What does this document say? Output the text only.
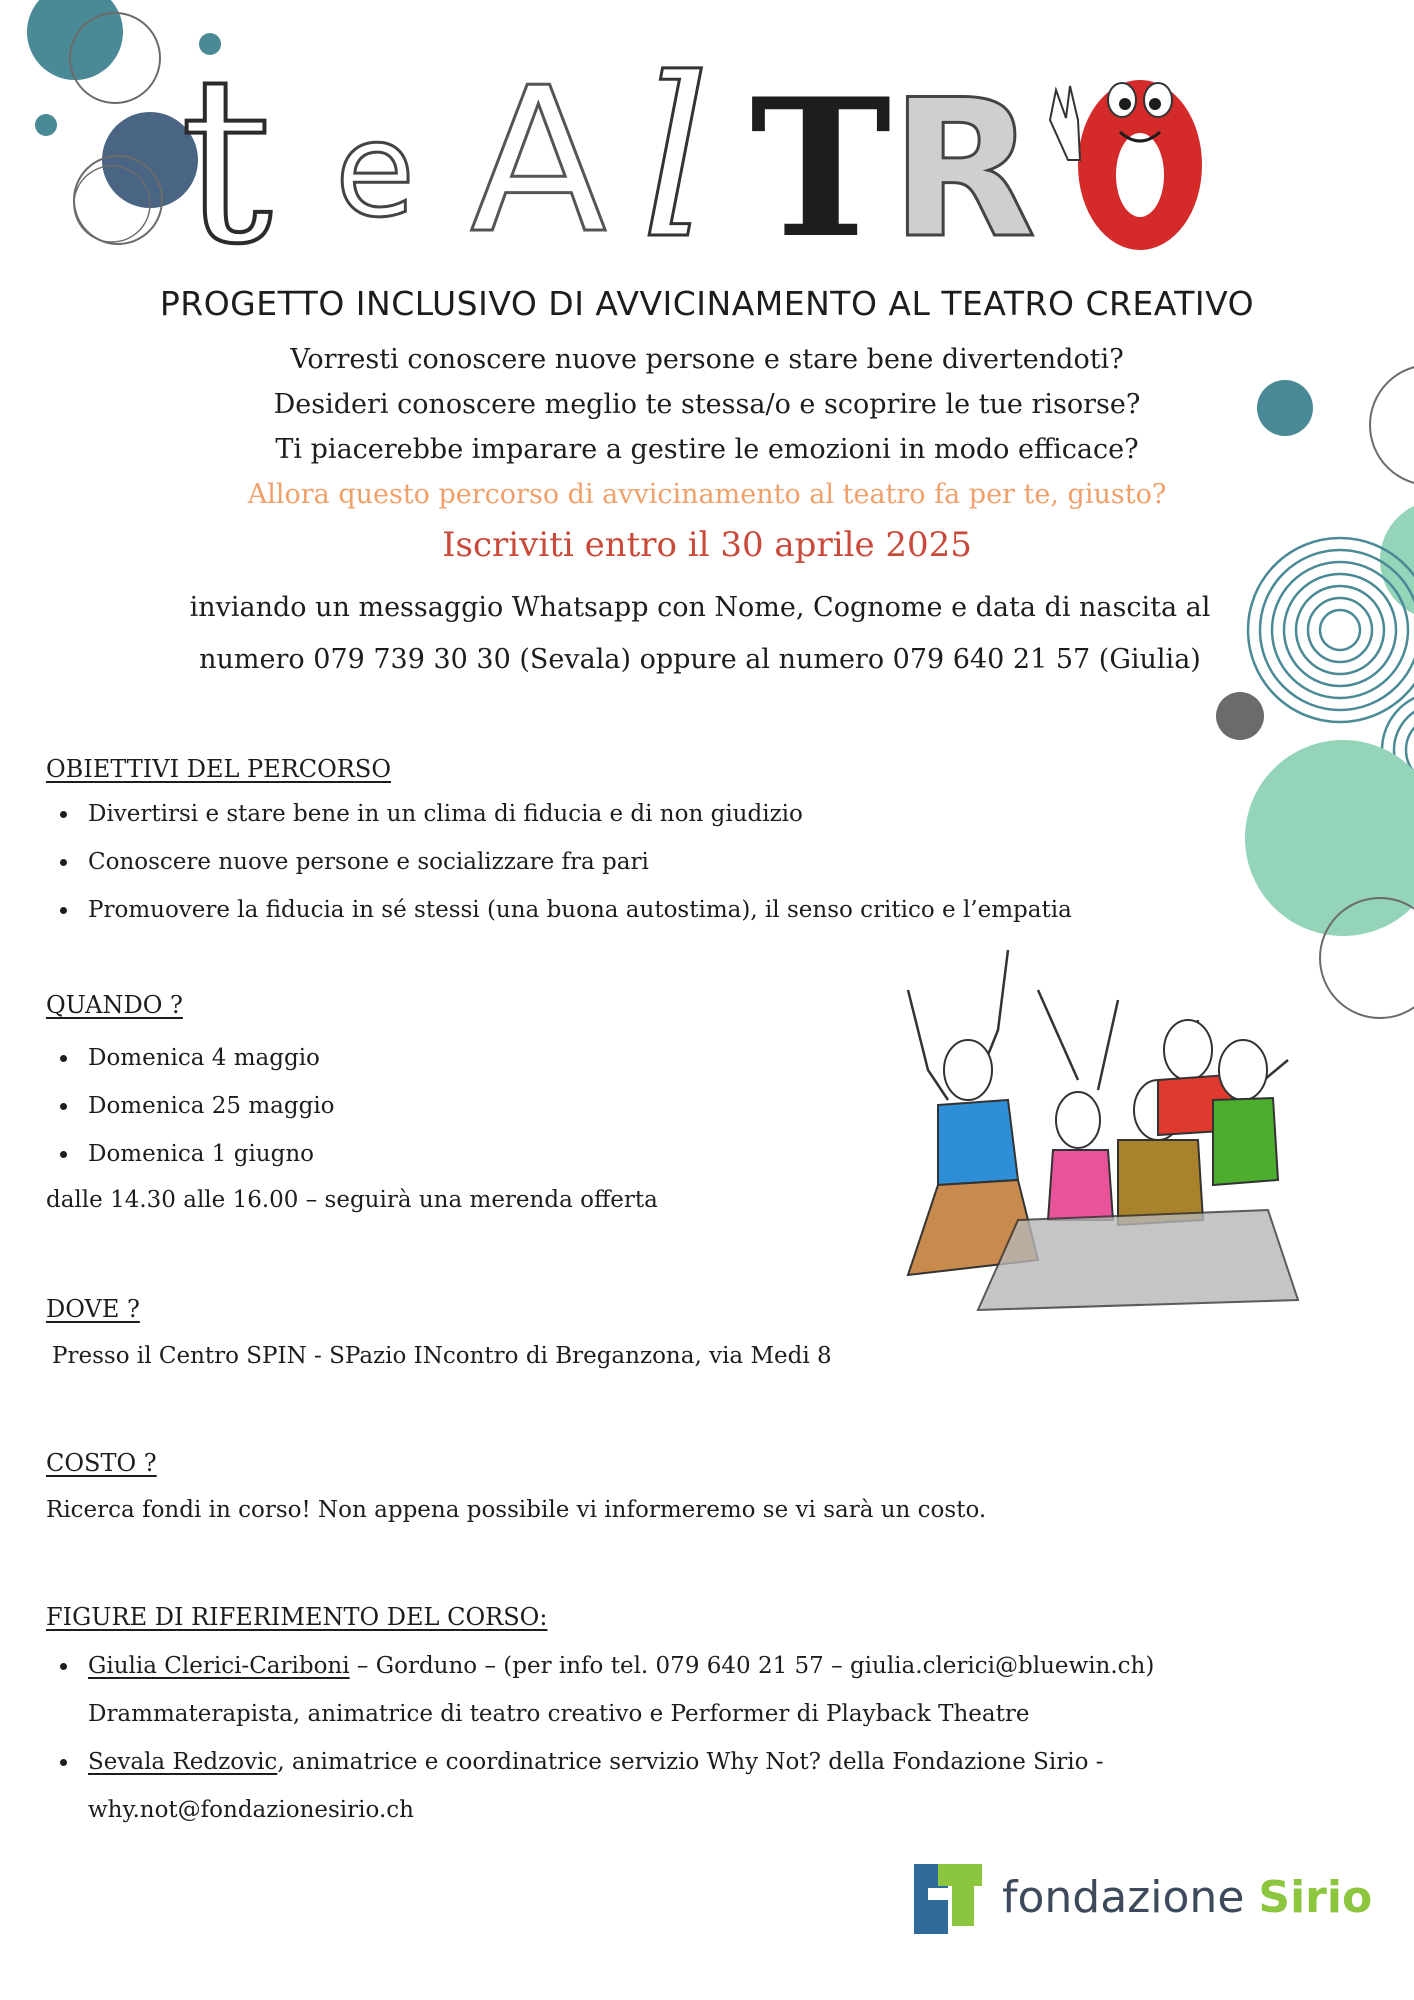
t e A l T
R
PROGETTO INCLUSIVO DI AVVICINAMENTO AL TEATRO CREATIVO
Vorresti conoscere nuove persone e stare bene divertendoti?
Desideri conoscere meglio te stessa/o e scoprire le tue risorse?
Ti piacerebbe imparare a gestire le emozioni in modo efficace?
Allora questo percorso di avvicinamento al teatro fa per te, giusto?
Iscriviti entro il 30 aprile 2025
inviando un messaggio Whatsapp con Nome, Cognome e data di nascita al
numero 079 739 30 30 (Sevala) oppure al numero 079 640 21 57 (Giulia)
OBIETTIVI DEL PERCORSO
Divertirsi e stare bene in un clima di fiducia e di non giudizio
Conoscere nuove persone e socializzare fra pari
Promuovere la fiducia in sé stessi (una buona autostima), il senso critico e l’empatia
QUANDO ?
Domenica 4 maggio
Domenica 25 maggio
Domenica 1 giugno
dalle 14.30 alle 16.00 – seguirà una merenda offerta
DOVE ?
Presso il Centro SPIN - SPazio INcontro di Breganzona, via Medi 8
COSTO ?
Ricerca fondi in corso! Non appena possibile vi informeremo se vi sarà un costo.
FIGURE DI RIFERIMENTO DEL CORSO:
Giulia Clerici-Cariboni – Gorduno – (per info tel. 079 640 21 57 – giulia.clerici@bluewin.ch)
Drammaterapista, animatrice di teatro creativo e Performer di Playback Theatre
Sevala Redzovic, animatrice e coordinatrice servizio Why Not? della Fondazione Sirio -
why.not@fondazionesirio.ch
fondazione Sirio
